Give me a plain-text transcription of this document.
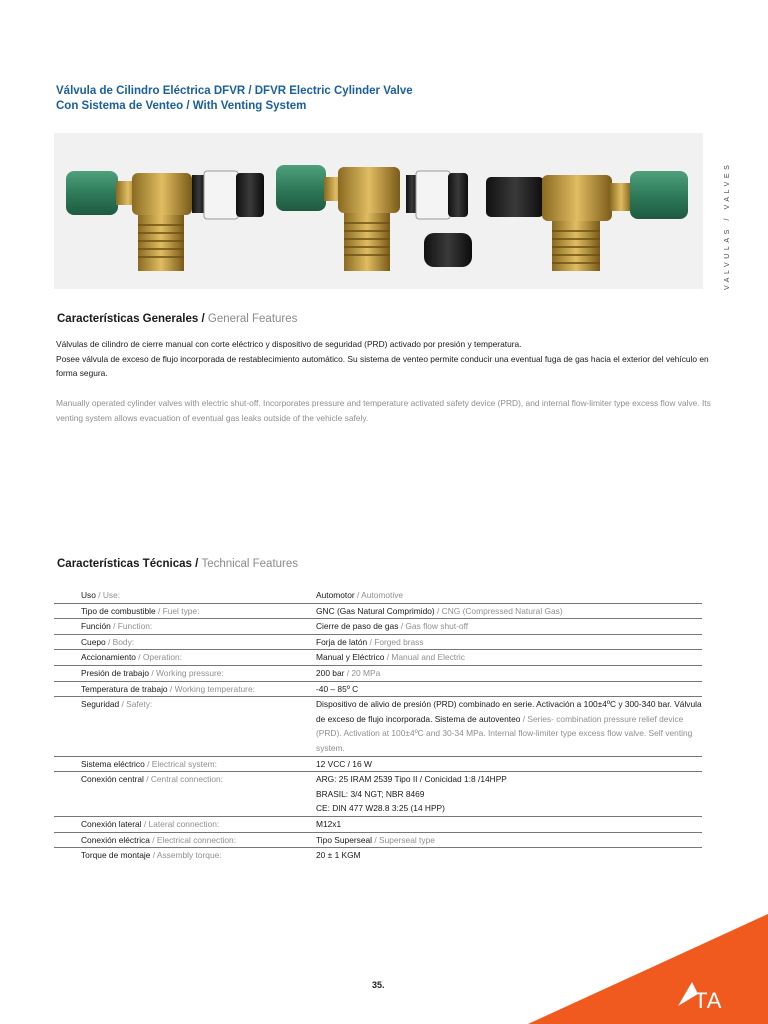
Válvula de Cilindro Eléctrica DFVR / DFVR Electric Cylinder Valve
Con Sistema de Venteo / With Venting System
VALVULAS / VALVES
Características Generales / General Features
Válvulas de cilindro de cierre manual con corte eléctrico y dispositivo de seguridad (PRD) activado por presión y temperatura.
Posee válvula de exceso de flujo incorporada de restablecimiento automático. Su sistema de venteo permite conducir una eventual fuga de gas hacia el exterior del vehículo en forma segura.
Manually operated cylinder valves with electric shut-off. Incorporates pressure and temperature activated safety device (PRD), and internal flow-limiter type excess flow valve. Its venting system allows evacuation of eventual gas leaks outside of the vehicle safely.
Características Técnicas / Technical Features
Uso / Use:	Automotor / Automotive
Tipo de combustible / Fuel type:	GNC (Gas Natural Comprimido) / CNG (Compressed Natural Gas)
Función / Function:	Cierre de paso de gas / Gas flow shut-off
Cuepo / Body:	Forja de latón / Forged brass
Accionamiento / Operation:	Manual y Eléctrico / Manual and Electric
Presión de trabajo / Working pressure:	200 bar / 20 MPa
Temperatura de trabajo / Working temperature:	-40 – 85º C
Seguridad / Safety:	Dispositivo de alivio de presión (PRD) combinado en serie. Activación a 100±4ºC y 300-340 bar. Válvula de exceso de flujo incorporada. Sistema de autoventeo / Series- combination pressure relief device (PRD). Activation at 100±4ºC and 30-34 MPa. Internal flow-limiter type excess flow valve. Self venting system.
Sistema eléctrico / Electrical system:	12 VCC / 16 W
Conexión central / Central connection:	ARG: 25 IRAM 2539 Tipo II / Conicidad 1:8 /14HPP
BRASIL: 3/4 NGT; NBR 8469
CE: DIN 477 W28.8 3:25 (14 HPP)

Conexión lateral / Lateral connection:	M12x1
Conexión eléctrica / Electrical connection:	Tipo Superseal / Superseal type
Torque de montaje / Assembly torque:	20 ± 1 KGM
35.
TA
